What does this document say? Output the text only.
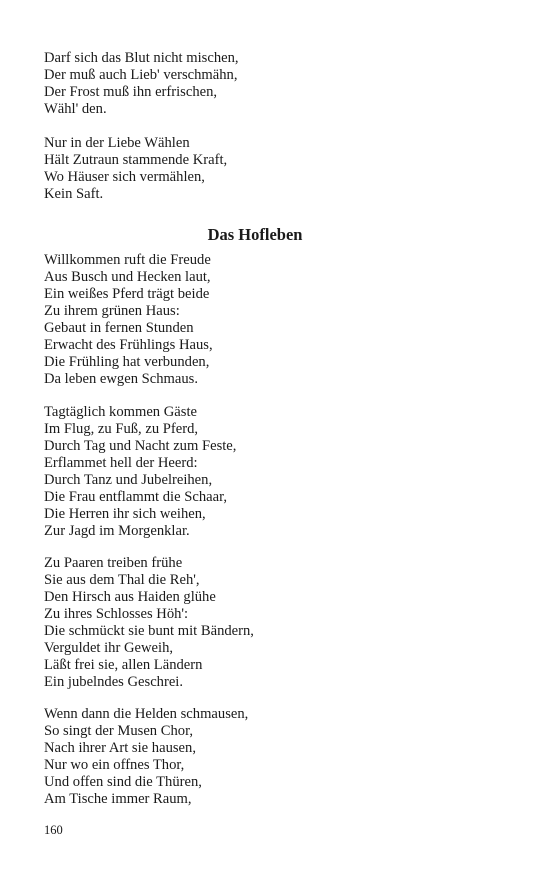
Darf sich das Blut nicht mischen,
Der muß auch Lieb' verschmähn,
Der Frost muß ihn erfrischen,
Wähl' den.
Nur in der Liebe Wählen
Hält Zutraun stammende Kraft,
Wo Häuser sich vermählen,
Kein Saft.
Das Hofleben
Willkommen ruft die Freude
Aus Busch und Hecken laut,
Ein weißes Pferd trägt beide
Zu ihrem grünen Haus:
Gebaut in fernen Stunden
Erwacht des Frühlings Haus,
Die Frühling hat verbunden,
Da leben ewgen Schmaus.
Tagtäglich kommen Gäste
Im Flug, zu Fuß, zu Pferd,
Durch Tag und Nacht zum Feste,
Erflammet hell der Heerd:
Durch Tanz und Jubelreihen,
Die Frau entflammt die Schaar,
Die Herren ihr sich weihen,
Zur Jagd im Morgenklar.
Zu Paaren treiben frühe
Sie aus dem Thal die Reh',
Den Hirsch aus Haiden glühe
Zu ihres Schlosses Höh':
Die schmückt sie bunt mit Bändern,
Verguldet ihr Geweih,
Läßt frei sie, allen Ländern
Ein jubelndes Geschrei.
Wenn dann die Helden schmausen,
So singt der Musen Chor,
Nach ihrer Art sie hausen,
Nur wo ein offnes Thor,
Und offen sind die Thüren,
Am Tische immer Raum,
160
